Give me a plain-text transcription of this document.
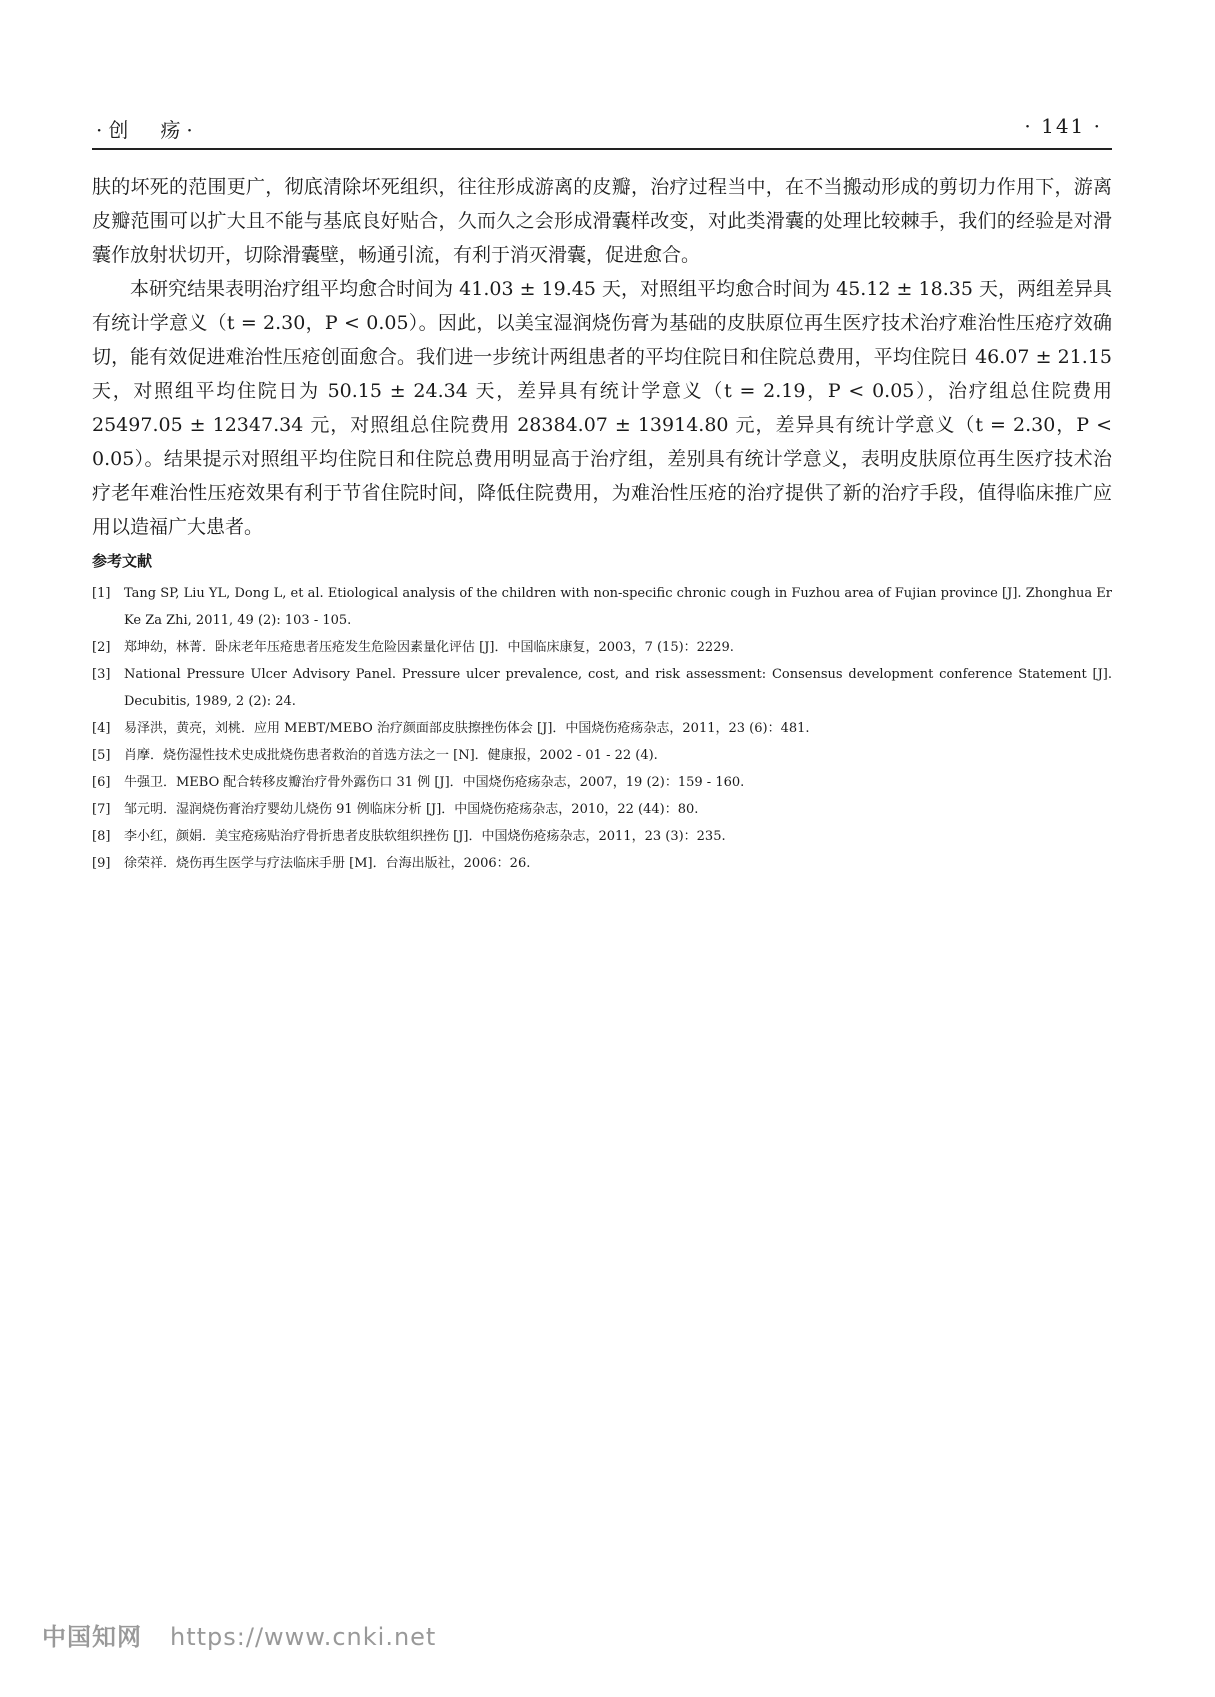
·创　疡·	· 141 ·

肤的坏死的范围更广，彻底清除坏死组织，往往形成游离的皮瓣，治疗过程当中，在不当搬动形成的剪切力作用下，游离皮瓣范围可以扩大且不能与基底良好贴合，久而久之会形成滑囊样改变，对此类滑囊的处理比较棘手，我们的经验是对滑囊作放射状切开，切除滑囊壁，畅通引流，有利于消灭滑囊，促进愈合。

本研究结果表明治疗组平均愈合时间为 41.03 ± 19.45 天，对照组平均愈合时间为 45.12 ± 18.35 天，两组差异具有统计学意义（t = 2.30，P < 0.05）。因此，以美宝湿润烧伤膏为基础的皮肤原位再生医疗技术治疗难治性压疮疗效确切，能有效促进难治性压疮创面愈合。我们进一步统计两组患者的平均住院日和住院总费用，平均住院日 46.07 ± 21.15 天，对照组平均住院日为 50.15 ± 24.34 天，差异具有统计学意义（t = 2.19，P < 0.05），治疗组总住院费用 25497.05 ± 12347.34 元，对照组总住院费用 28384.07 ± 13914.80 元，差异具有统计学意义（t = 2.30，P < 0.05）。结果提示对照组平均住院日和住院总费用明显高于治疗组，差别具有统计学意义，表明皮肤原位再生医疗技术治疗老年难治性压疮效果有利于节省住院时间，降低住院费用，为难治性压疮的治疗提供了新的治疗手段，值得临床推广应用以造福广大患者。

参考文献
[1] Tang SP, Liu YL, Dong L, et al. Etiological analysis of the children with non-specific chronic cough in Fuzhou area of Fujian province [J]. Zhonghua Er Ke Za Zhi, 2011, 49 (2): 103 - 105.
[2] 郑坤幼，林菁．卧床老年压疮患者压疮发生危险因素量化评估 [J]．中国临床康复，2003，7 (15)：2229.
[3] National Pressure Ulcer Advisory Panel. Pressure ulcer prevalence, cost, and risk assessment: Consensus development conference Statement [J]. Decubitis, 1989, 2 (2): 24.
[4] 易泽洪，黄亮，刘桃．应用 MEBT/MEBO 治疗颜面部皮肤擦挫伤体会 [J]．中国烧伤疮疡杂志，2011，23 (6)：481.
[5] 肖摩．烧伤湿性技术史成批烧伤患者救治的首选方法之一 [N]．健康报，2002 - 01 - 22 (4).
[6] 牛强卫．MEBO 配合转移皮瓣治疗骨外露伤口 31 例 [J]．中国烧伤疮疡杂志，2007，19 (2)：159 - 160.
[7] 邹元明．湿润烧伤膏治疗婴幼儿烧伤 91 例临床分析 [J]．中国烧伤疮疡杂志，2010，22 (44)：80.
[8] 李小红，颜娟．美宝疮疡贴治疗骨折患者皮肤软组织挫伤 [J]．中国烧伤疮疡杂志，2011，23 (3)：235.
[9] 徐荣祥．烧伤再生医学与疗法临床手册 [M]．台海出版社，2006：26.
中国知网 https://www.cnki.net
